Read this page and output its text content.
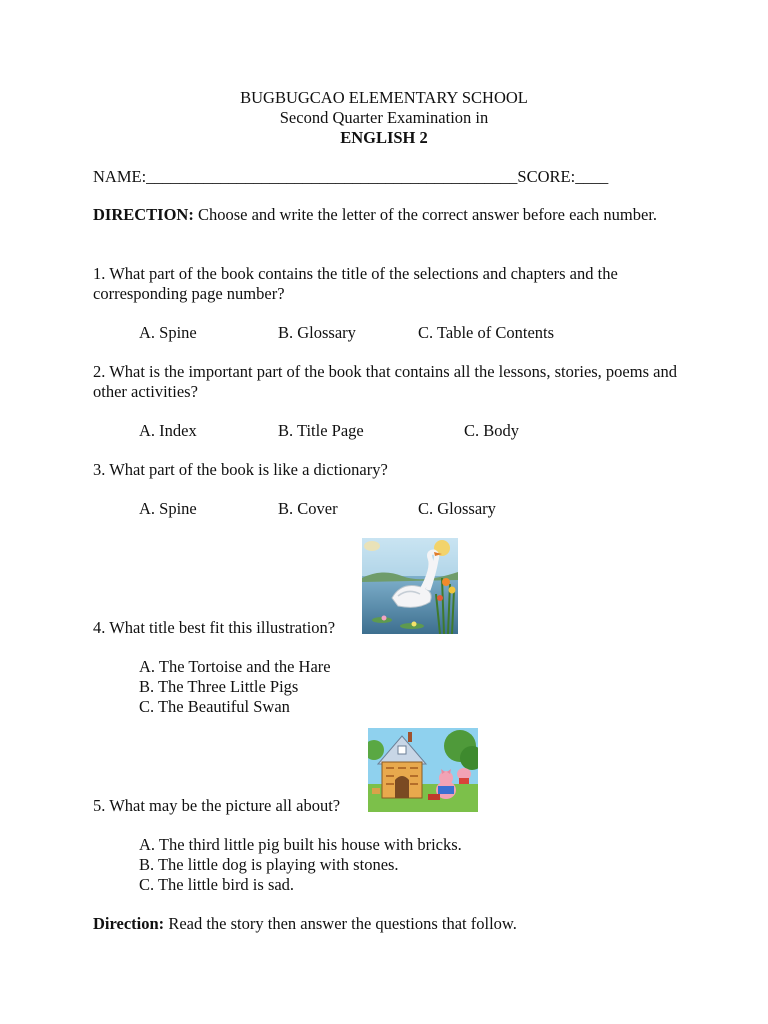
BUGBUGCAO ELEMENTARY SCHOOL
Second Quarter Examination in
ENGLISH 2
NAME:_____________________________________________SCORE:____
DIRECTION: Choose and write the letter of the correct answer before each number.
1. What part of the book contains the title of the selections and chapters and the corresponding page number?
A. Spine	B. Glossary	C. Table of Contents
2. What is the important part of the book that contains all the lessons, stories, poems and other activities?
A. Index	B. Title Page	C. Body
3. What part of the book is like a dictionary?
A. Spine	B. Cover	C. Glossary
4. What title best fit this illustration?
A. The Tortoise and the Hare
B. The Three Little Pigs
C. The Beautiful Swan
5. What may be the picture all about?
A. The third little pig built his house with bricks.
B. The little dog is playing with stones.
C. The little bird is sad.
Direction: Read the story then answer the questions that follow.
